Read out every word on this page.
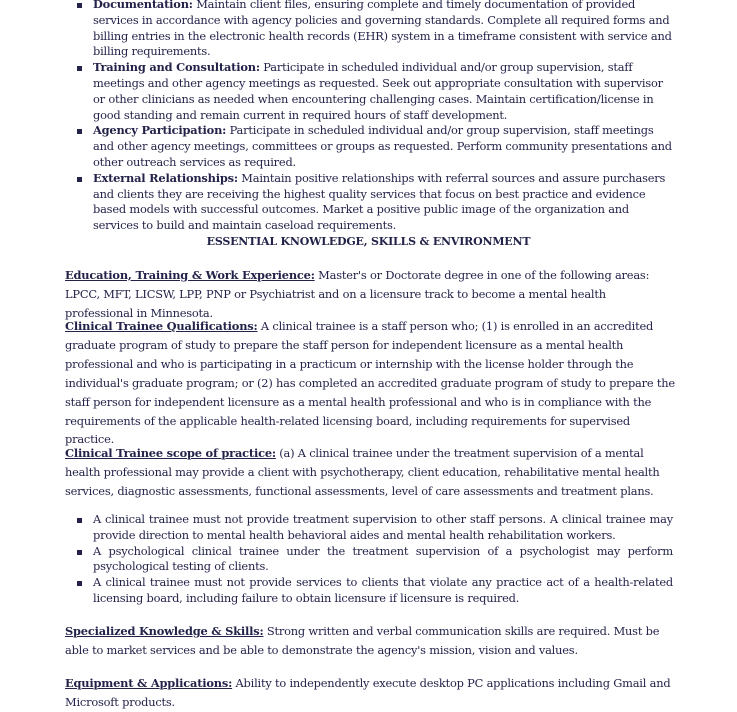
Documentation: Maintain client files, ensuring complete and timely documentation of provided services in accordance with agency policies and governing standards. Complete all required forms and billing entries in the electronic health records (EHR) system in a timeframe consistent with service and billing requirements.
Training and Consultation: Participate in scheduled individual and/or group supervision, staff meetings and other agency meetings as requested. Seek out appropriate consultation with supervisor or other clinicians as needed when encountering challenging cases. Maintain certification/license in good standing and remain current in required hours of staff development.
Agency Participation: Participate in scheduled individual and/or group supervision, staff meetings and other agency meetings, committees or groups as requested. Perform community presentations and other outreach services as required.
External Relationships: Maintain positive relationships with referral sources and assure purchasers and clients they are receiving the highest quality services that focus on best practice and evidence based models with successful outcomes. Market a positive public image of the organization and services to build and maintain caseload requirements.
ESSENTIAL KNOWLEDGE, SKILLS & ENVIRONMENT
Education, Training & Work Experience: Master's or Doctorate degree in one of the following areas: LPCC, MFT, LICSW, LPP, PNP or Psychiatrist and on a licensure track to become a mental health professional in Minnesota.
Clinical Trainee Qualifications: A clinical trainee is a staff person who; (1) is enrolled in an accredited graduate program of study to prepare the staff person for independent licensure as a mental health professional and who is participating in a practicum or internship with the license holder through the individual's graduate program; or (2) has completed an accredited graduate program of study to prepare the staff person for independent licensure as a mental health professional and who is in compliance with the requirements of the applicable health-related licensing board, including requirements for supervised practice.
Clinical Trainee scope of practice: (a) A clinical trainee under the treatment supervision of a mental health professional may provide a client with psychotherapy, client education, rehabilitative mental health services, diagnostic assessments, functional assessments, level of care assessments and treatment plans.
A clinical trainee must not provide treatment supervision to other staff persons. A clinical trainee may provide direction to mental health behavioral aides and mental health rehabilitation workers.
A psychological clinical trainee under the treatment supervision of a psychologist may perform psychological testing of clients.
A clinical trainee must not provide services to clients that violate any practice act of a health-related licensing board, including failure to obtain licensure if licensure is required.
Specialized Knowledge & Skills: Strong written and verbal communication skills are required. Must be able to market services and be able to demonstrate the agency's mission, vision and values.
Equipment & Applications: Ability to independently execute desktop PC applications including Gmail and Microsoft products.
